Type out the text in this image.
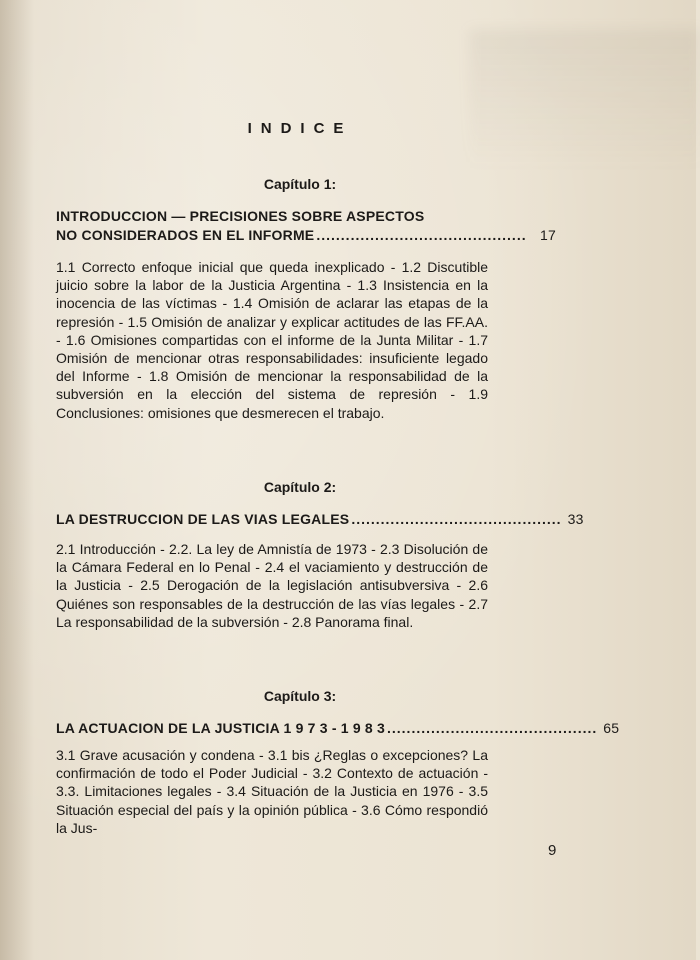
INDICE
Capítulo 1:
INTRODUCCION — PRECISIONES SOBRE ASPECTOS
NO CONSIDERADOS EN EL INFORME ........................................... 17
1.1 Correcto enfoque inicial que queda inexplicado - 1.2 Discutible juicio sobre la labor de la Justicia Argentina - 1.3 Insistencia en la inocencia de las víctimas - 1.4 Omisión de aclarar las etapas de la represión - 1.5 Omisión de analizar y explicar actitudes de las FF.AA. - 1.6 Omisiones compartidas con el informe de la Junta Militar - 1.7 Omisión de mencionar otras responsabilidades: insuficiente legado del Informe - 1.8 Omisión de mencionar la responsabilidad de la subversión en la elección del sistema de represión - 1.9 Conclusiones: omisiones que desmerecen el trabajo.
Capítulo 2:
LA DESTRUCCION DE LAS VIAS LEGALES ........................................... 33
2.1 Introducción - 2.2. La ley de Amnistía de 1973 - 2.3 Disolución de la Cámara Federal en lo Penal - 2.4 el vaciamiento y destrucción de la Justicia - 2.5 Derogación de la legislación antisubversiva - 2.6 Quiénes son responsables de la destrucción de las vías legales - 2.7 La responsabilidad de la subversión - 2.8 Panorama final.
Capítulo 3:
LA ACTUACION DE LA JUSTICIA 1 9 7 3 - 1 9 8 3 ........................................... 65
3.1 Grave acusación y condena - 3.1 bis ¿Reglas o excepciones? La confirmación de todo el Poder Judicial - 3.2 Contexto de actuación - 3.3. Limitaciones legales - 3.4 Situación de la Justicia en 1976 - 3.5 Situación especial del país y la opinión pública - 3.6 Cómo respondió la Jus-
9
